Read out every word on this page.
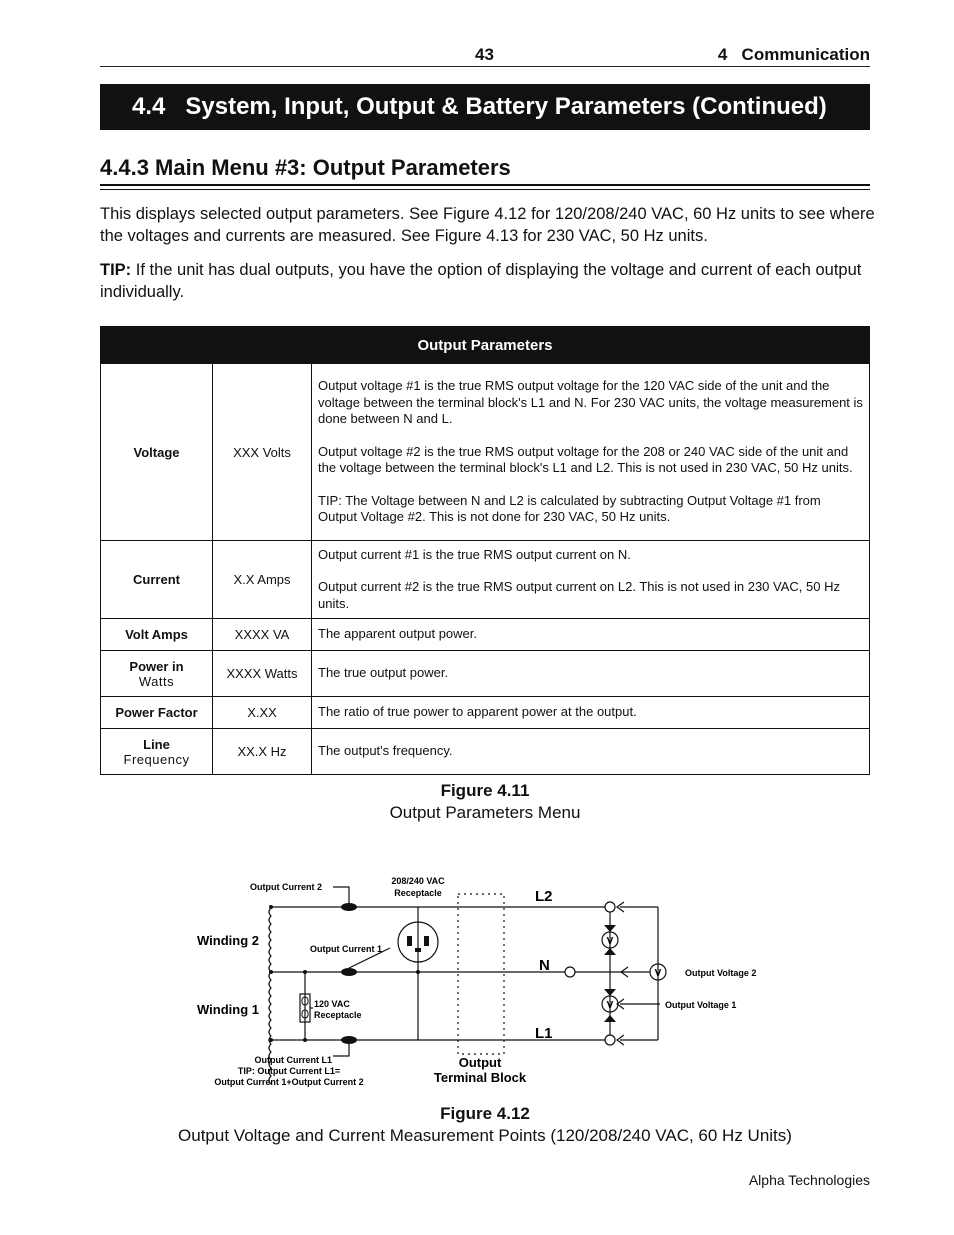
43	4   Communication
4.4   System, Input, Output & Battery Parameters (Continued)
4.4.3 Main Menu #3: Output Parameters
This displays selected output parameters. See Figure 4.12 for 120/208/240 VAC, 60 Hz units to see where the voltages and currents are measured. See Figure 4.13 for 230 VAC, 50 Hz units.
TIP: If the unit has dual outputs, you have the option of displaying the voltage and current of each output individually.
Output Parameters		
Voltage	XXX Volts	Output voltage #1 is the true RMS output voltage for the 120 VAC side of the unit and the voltage between the terminal block's L1 and N. For 230 VAC units, the voltage measurement is done between N and L.
Output voltage #2 is the true RMS output voltage for the 208 or 240 VAC side of the unit and the voltage between the terminal block's L1 and L2. This is not used in 230 VAC, 50 Hz units.
TIP: The Voltage between N and L2 is calculated by subtracting Output Voltage #1 from Output Voltage #2. This is not done for 230 VAC, 50 Hz units.

Current	X.X Amps	Output current #1 is the true RMS output current on N.
Output current #2 is the true RMS output current on L2. This is not used in 230 VAC, 50 Hz units.

Volt Amps	XXXX VA	The apparent output power.
Power in
Watts	XXXX Watts	The true output power.
Power Factor	X.XX	The ratio of true power to apparent power at the output.
Line
Frequency	XX.X Hz	The output's frequency.
Figure 4.11
Output Parameters Menu
Output Current 2
208/240 VAC
Receptacle	L2
Winding 2
Output Current 1
N	Output Voltage 2
Winding 1	120 VAC
Receptacle
Output Voltage 1
L1
Output Current L1
TIP: Output Current L1=
Output Current 1+Output Current 2
Output
Terminal Block
V
V
V
Figure 4.12
Output Voltage and Current Measurement Points (120/208/240 VAC, 60 Hz Units)
Alpha Technologies
